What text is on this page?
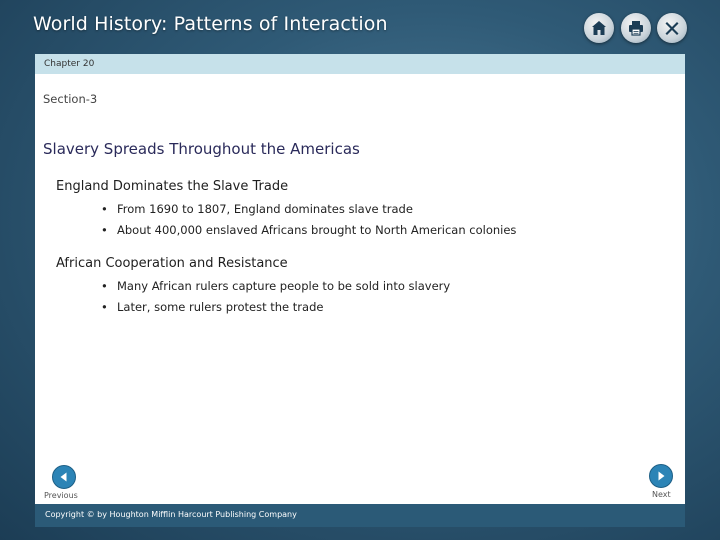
World History: Patterns of Interaction
Chapter 20
Section-3
Slavery Spreads Throughout the Americas
England Dominates the Slave Trade
• From 1690 to 1807, England dominates slave trade
• About 400,000 enslaved Africans brought to North American colonies
African Cooperation and Resistance
• Many African rulers capture people to be sold into slavery
• Later, some rulers protest the trade
Previous	Next
Copyright © by Houghton Mifflin Harcourt Publishing Company
